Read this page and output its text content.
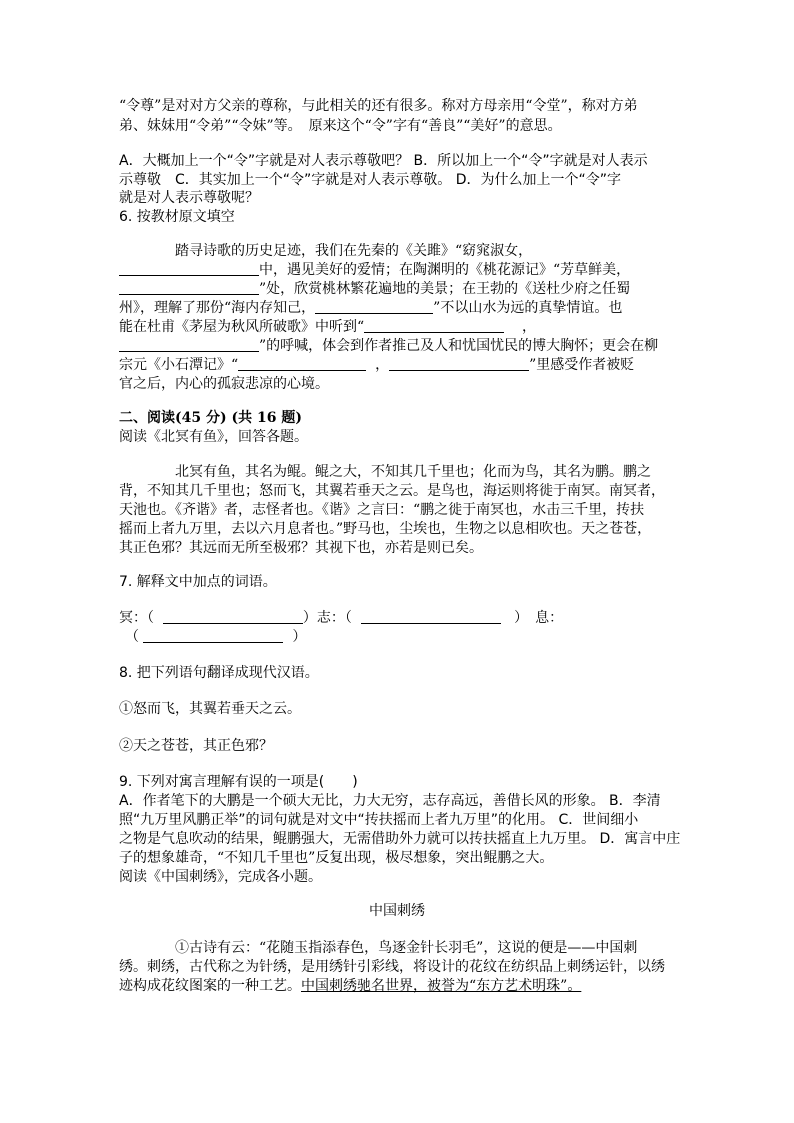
“令尊”是对对方父亲的尊称，与此相关的还有很多。称对方母亲用“令堂”，称对方弟
弟、妹妹用“令弟”“令妹”等。　原来这个“令”字有“善良”“美好”的意思。
A．大概加上一个“令”字就是对人表示尊敬吧？ B．所以加上一个“令”字就是对人表示
示尊敬　C．其实加上一个“令”字就是对人表示尊敬。 D．为什么加上一个“令”字
就是对人表示尊敬呢？
6. 按教材原文填空
踏寻诗歌的历史足迹，我们在先秦的《关雎》“窈窕淑女，
中，遇见美好的爱情；在陶渊明的《桃花源记》“芳草鲜美，
”处，欣赏桃林繁花遍地的美景；在王勃的《送杜少府之任蜀
州》，理解了那份“海内存知己，	”不以山水为远的真挚情谊。也
能在杜甫《茅屋为秋风所破歌》中听到“	，
”的呼喊，体会到作者推己及人和忧国忧民的博大胸怀；更会在柳
宗元《小石潭记》“	，	”里感受作者被贬
官之后，内心的孤寂悲凉的心境。
二、阅读(45 分) (共 16 题)
阅读《北冥有鱼》，回答各题。
北冥有鱼，其名为鲲。鲲之大，不知其几千里也；化而为鸟，其名为鹏。鹏之
背，不知其几千里也；怒而飞，其翼若垂天之云。是鸟也，海运则将徙于南冥。南冥者，
天池也。《齐谐》者，志怪者也。《谐》之言曰：“鹏之徙于南冥也，水击三千里，抟扶
摇而上者九万里，去以六月息者也。”野马也，尘埃也，生物之以息相吹也。天之苍苍，
其正色邪？其远而无所至极邪？其视下也，亦若是则已矣。
7. 解释文中加点的词语。
冥：（	）志：（	）　息：
（	）
8. 把下列语句翻译成现代汉语。
①怒而飞，其翼若垂天之云。
②天之苍苍，其正色邪？
9. 下列对寓言理解有误的一项是(　　)
A．作者笔下的大鹏是一个硕大无比，力大无穷，志存高远，善借长风的形象。 B．李清
照“九万里风鹏正举”的词句就是对文中“抟扶摇而上者九万里”的化用。 C．世间细小
之物是气息吹动的结果，鲲鹏强大，无需借助外力就可以抟扶摇直上九万里。 D．寓言中庄
子的想象雄奇，“不知几千里也”反复出现，极尽想象，突出鲲鹏之大。
阅读《中国刺绣》，完成各小题。
中国刺绣
①古诗有云：“花随玉指添春色，鸟逐金针长羽毛”，这说的便是——中国刺
绣。刺绣，古代称之为针绣，是用绣针引彩线，将设计的花纹在纺织品上刺绣运针，以绣
迹构成花纹图案的一种工艺。中国刺绣驰名世界，被誉为“东方艺术明珠”。
